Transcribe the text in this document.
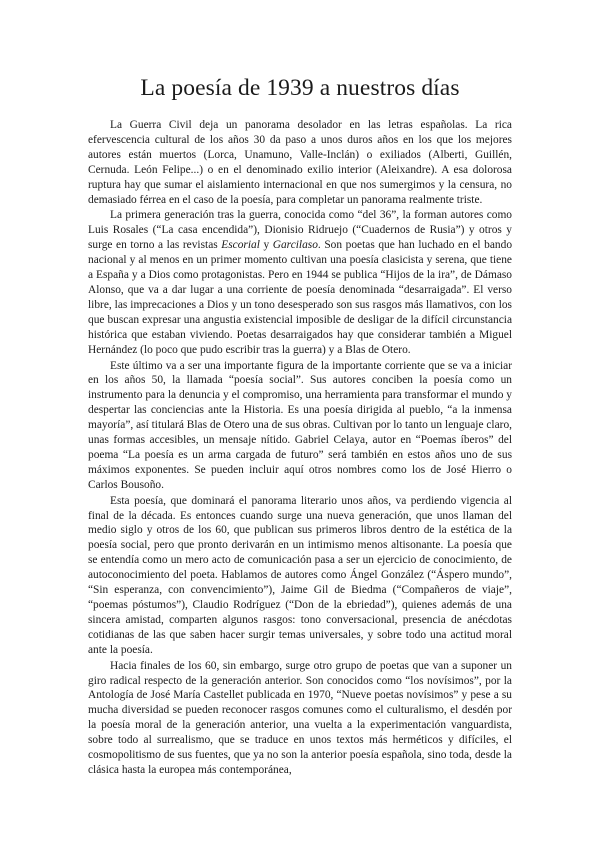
La poesía de 1939 a nuestros días

La Guerra Civil deja un panorama desolador en las letras españolas. La rica efervescencia cultural de los años 30 da paso a unos duros años en los que los mejores autores están muertos (Lorca, Unamuno, Valle-Inclán) o exiliados (Alberti, Guillén, Cernuda. León Felipe...) o en el denominado exilio interior (Aleixandre). A esa dolorosa ruptura hay que sumar el aislamiento internacional en que nos sumergimos y la censura, no demasiado férrea en el caso de la poesía, para completar un panorama realmente triste.

La primera generación tras la guerra, conocida como “del 36”, la forman autores como Luis Rosales (“La casa encendida”), Dionisio Ridruejo (“Cuadernos de Rusia”) y otros y surge en torno a las revistas Escorial y Garcilaso. Son poetas que han luchado en el bando nacional y al menos en un primer momento cultivan una poesía clasicista y serena, que tiene a España y a Dios como protagonistas. Pero en 1944 se publica “Hijos de la ira”, de Dámaso Alonso, que va a dar lugar a una corriente de poesía denominada “desarraigada”. El verso libre, las imprecaciones a Dios y un tono desesperado son sus rasgos más llamativos, con los que buscan expresar una angustia existencial imposible de desligar de la difícil circunstancia histórica que estaban viviendo. Poetas desarraigados hay que considerar también a Miguel Hernández (lo poco que pudo escribir tras la guerra) y a Blas de Otero.

Este último va a ser una importante figura de la importante corriente que se va a iniciar en los años 50, la llamada “poesía social”. Sus autores conciben la poesía como un instrumento para la denuncia y el compromiso, una herramienta para transformar el mundo y despertar las conciencias ante la Historia. Es una poesía dirigida al pueblo, “a la inmensa mayoría”, así titulará Blas de Otero una de sus obras. Cultivan por lo tanto un lenguaje claro, unas formas accesibles, un mensaje nítido. Gabriel Celaya, autor en “Poemas íberos” del poema “La poesía es un arma cargada de futuro” será también en estos años uno de sus máximos exponentes. Se pueden incluir aquí otros nombres como los de José Hierro o Carlos Bousoño.

Esta poesía, que dominará el panorama literario unos años, va perdiendo vigencia al final de la década. Es entonces cuando surge una nueva generación, que unos llaman del medio siglo y otros de los 60, que publican sus primeros libros dentro de la estética de la poesía social, pero que pronto derivarán en un intimismo menos altisonante. La poesía que se entendía como un mero acto de comunicación pasa a ser un ejercicio de conocimiento, de autoconocimiento del poeta. Hablamos de autores como Ángel González (“Áspero mundo”, “Sin esperanza, con convencimiento”), Jaime Gil de Biedma (“Compañeros de viaje”, “poemas póstumos”), Claudio Rodríguez (“Don de la ebriedad”), quienes además de una sincera amistad, comparten algunos rasgos: tono conversacional, presencia de anécdotas cotidianas de las que saben hacer surgir temas universales, y sobre todo una actitud moral ante la poesía.

Hacia finales de los 60, sin embargo, surge otro grupo de poetas que van a suponer un giro radical respecto de la generación anterior. Son conocidos como “los novísimos”, por la Antología de José María Castellet publicada en 1970, “Nueve poetas novísimos” y pese a su mucha diversidad se pueden reconocer rasgos comunes como el culturalismo, el desdén por la poesía moral de la generación anterior, una vuelta a la experimentación vanguardista, sobre todo al surrealismo, que se traduce en unos textos más herméticos y difíciles, el cosmopolitismo de sus fuentes, que ya no son la anterior poesía española, sino toda, desde la clásica hasta la europea más contemporánea,
